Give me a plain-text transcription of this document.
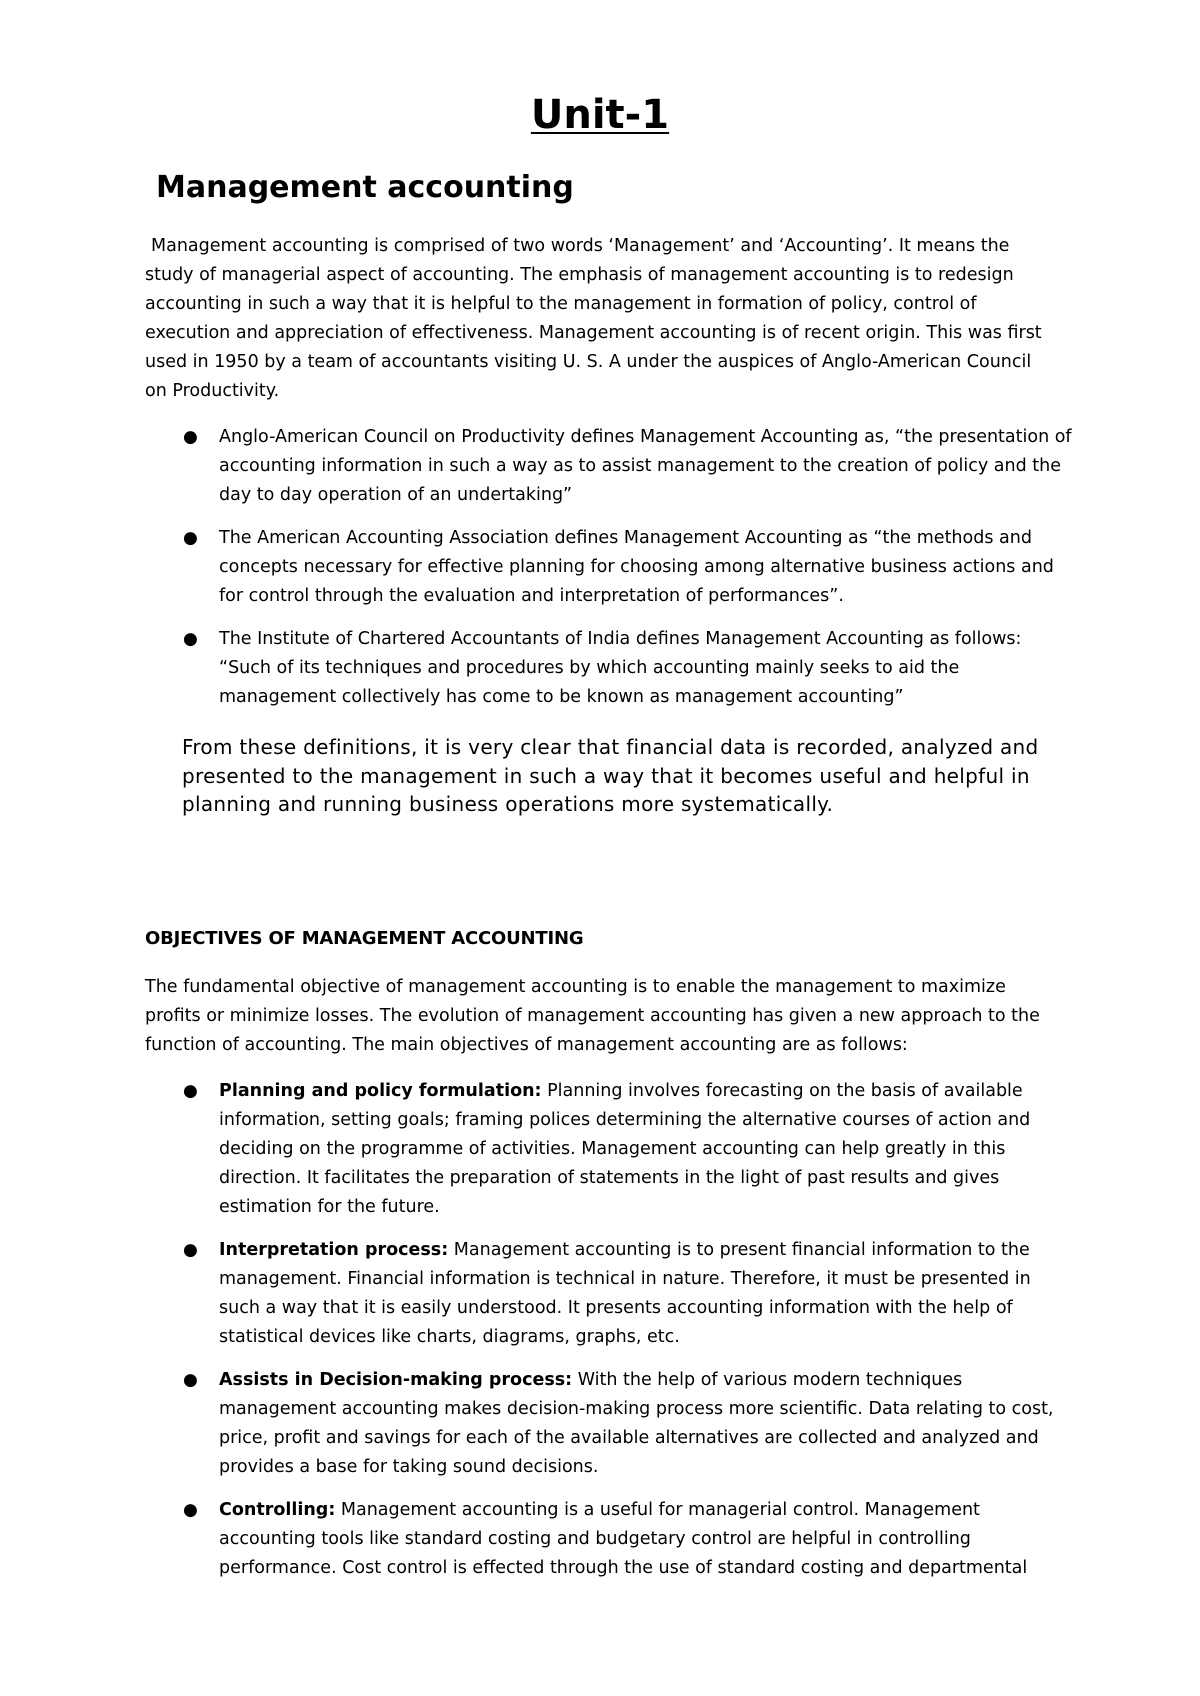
Unit-1
Management accounting

Management accounting is comprised of two words ‘Management’ and ‘Accounting’. It means the study of managerial aspect of accounting. The emphasis of management accounting is to redesign accounting in such a way that it is helpful to the management in formation of policy, control of execution and appreciation of effectiveness. Management accounting is of recent origin. This was first used in 1950 by a team of accountants visiting U. S. A under the auspices of Anglo-American Council on Productivity.

● Anglo-American Council on Productivity defines Management Accounting as, “the presentation of accounting information in such a way as to assist management to the creation of policy and the day to day operation of an undertaking”
● The American Accounting Association defines Management Accounting as “the methods and concepts necessary for effective planning for choosing among alternative business actions and for control through the evaluation and interpretation of performances”.
● The Institute of Chartered Accountants of India defines Management Accounting as follows: “Such of its techniques and procedures by which accounting mainly seeks to aid the management collectively has come to be known as management accounting”

From these definitions, it is very clear that financial data is recorded, analyzed and presented to the management in such a way that it becomes useful and helpful in planning and running business operations more systematically.

OBJECTIVES OF MANAGEMENT ACCOUNTING

The fundamental objective of management accounting is to enable the management to maximize profits or minimize losses. The evolution of management accounting has given a new approach to the function of accounting. The main objectives of management accounting are as follows:

● Planning and policy formulation: Planning involves forecasting on the basis of available information, setting goals; framing polices determining the alternative courses of action and deciding on the programme of activities. Management accounting can help greatly in this direction. It facilitates the preparation of statements in the light of past results and gives estimation for the future.
● Interpretation process: Management accounting is to present financial information to the management. Financial information is technical in nature. Therefore, it must be presented in such a way that it is easily understood. It presents accounting information with the help of statistical devices like charts, diagrams, graphs, etc.
● Assists in Decision-making process: With the help of various modern techniques management accounting makes decision-making process more scientific. Data relating to cost, price, profit and savings for each of the available alternatives are collected and analyzed and provides a base for taking sound decisions.
● Controlling: Management accounting is a useful for managerial control. Management accounting tools like standard costing and budgetary control are helpful in controlling performance. Cost control is effected through the use of standard costing and departmental
